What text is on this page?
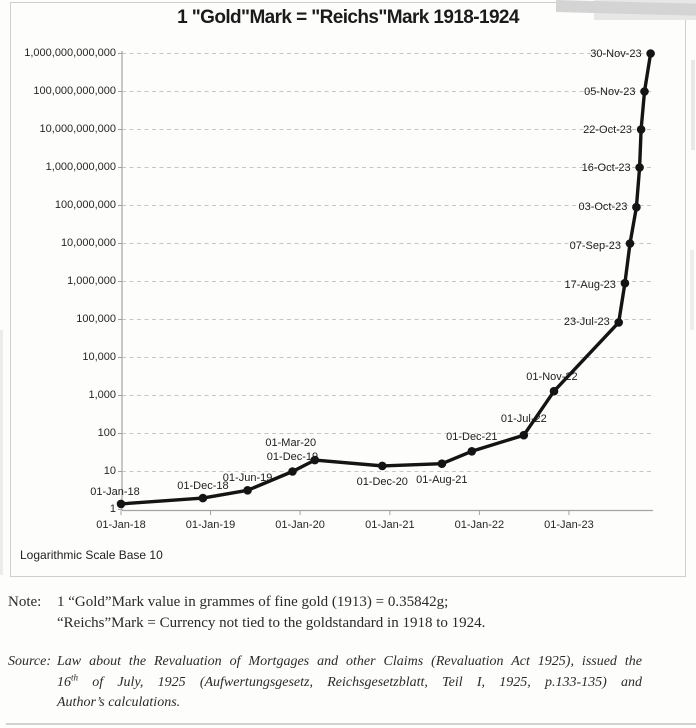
1 "Gold"Mark = "Reichs"Mark 1918-1924
1
10
100
1,000
10,000
100,000
1,000,000
10,000,000
100,000,000
1,000,000,000
10,000,000,000
100,000,000,000
1,000,000,000,000
01-Jan-18	01-Jan-19	01-Jan-20	01-Jan-21	01-Jan-22	01-Jan-23
01-Jan-18	01-Dec-18
01-Jun-19
01-Dec-19
01-Mar-20
01-Dec-20 01-Aug-21
01-Dec-21
01-Jul-22
01-Nov-22
23-Jul-23
17-Aug-23
07-Sep-23
03-Oct-23
16-Oct-23
22-Oct-23
05-Nov-23
30-Nov-23
Logarithmic Scale Base 10
Note:	1 “Gold”Mark value in grammes of fine gold (1913) = 0.35842g;
“Reichs”Mark = Currency not tied to the goldstandard in 1918 to 1924.
Source: Law about the Revaluation of Mortgages and other Claims (Revaluation Act 1925), issued the
16th of July, 1925 (Aufwertungsgesetz, Reichsgesetzblatt, Teil I, 1925, p.133-135) and
Author’s calculations.
